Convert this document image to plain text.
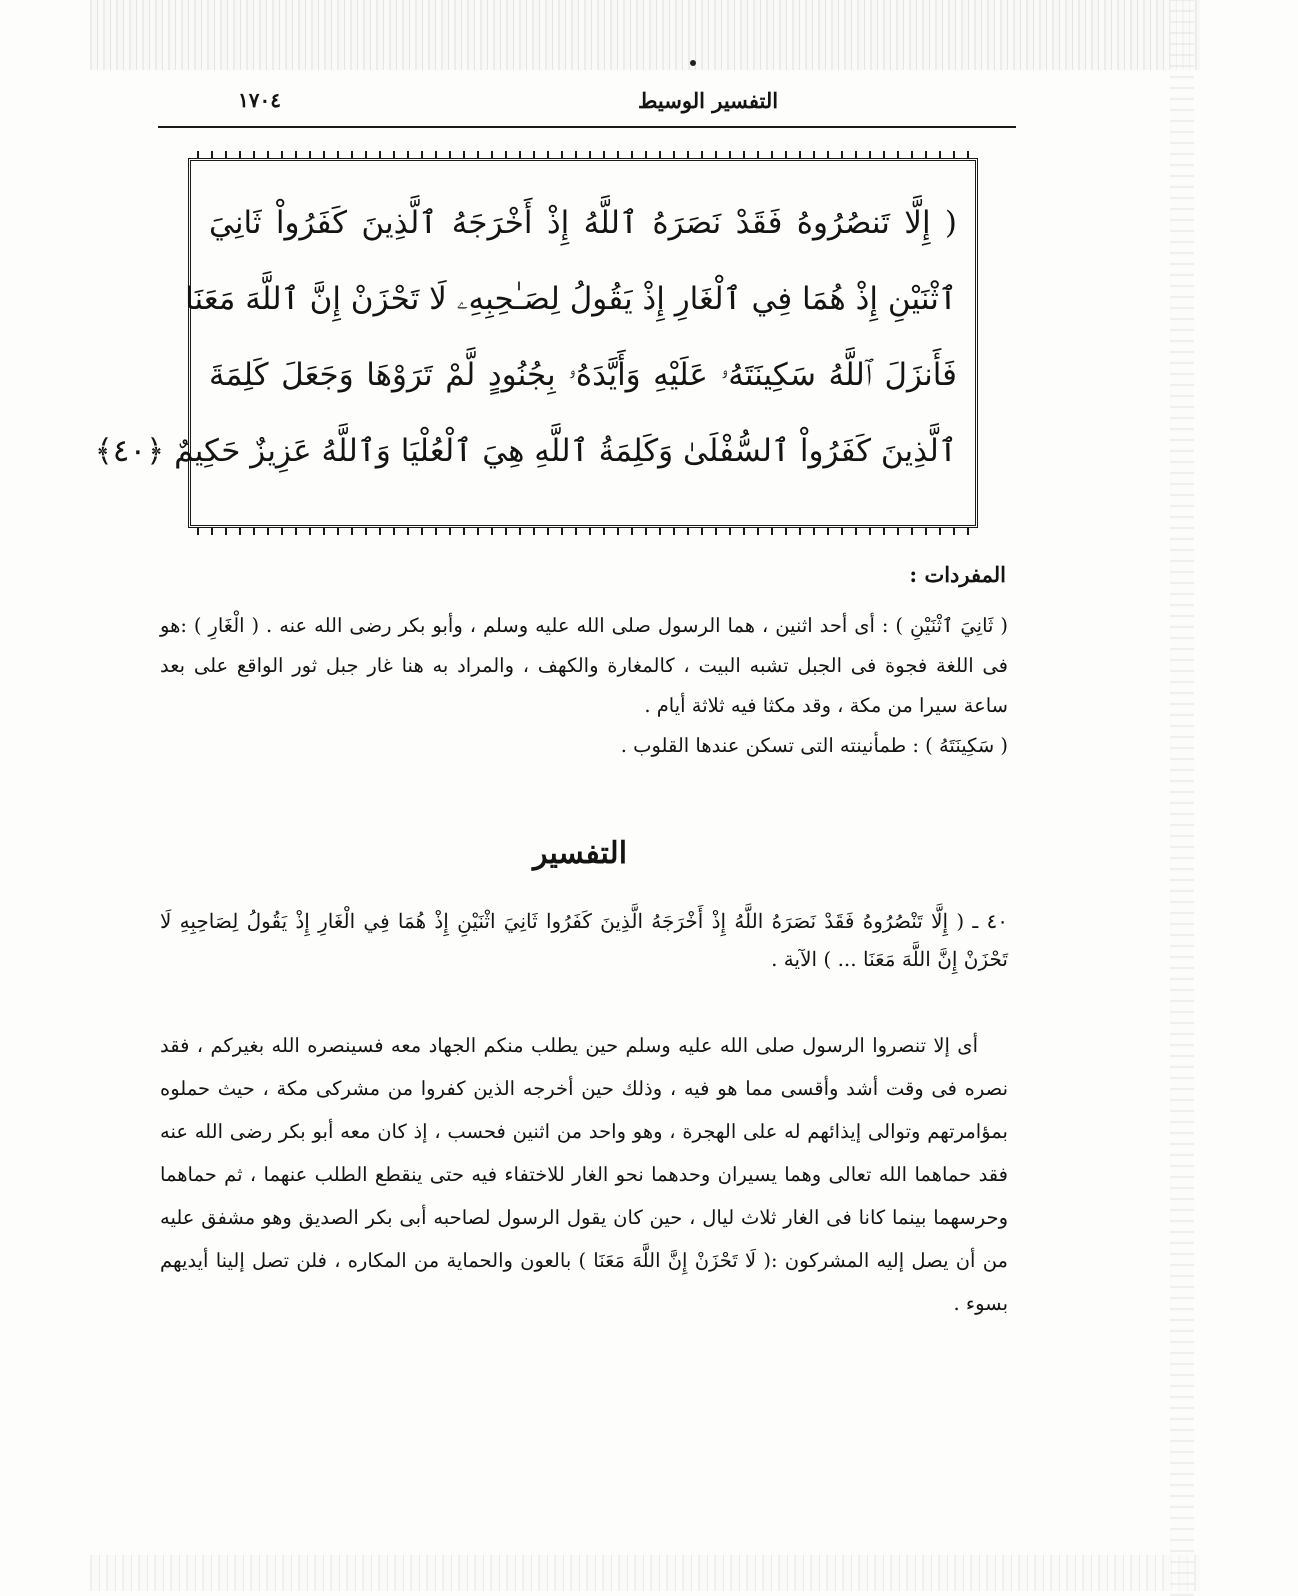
١٧٠٤	التفسير الوسيط
( إِلَّا تَنصُرُوهُ فَقَدْ نَصَرَهُ ٱللَّهُ إِذْ أَخْرَجَهُ ٱلَّذِينَ كَفَرُواْ ثَانِيَ
ٱثْنَيْنِ إِذْ هُمَا فِي ٱلْغَارِ إِذْ يَقُولُ لِصَـٰحِبِهِۦ لَا تَحْزَنْ إِنَّ ٱللَّهَ مَعَنَا
فَأَنزَلَ ٱللَّهُ سَكِينَتَهُۥ عَلَيْهِ وَأَيَّدَهُۥ بِجُنُودٍ لَّمْ تَرَوْهَا وَجَعَلَ كَلِمَةَ
ٱلَّذِينَ كَفَرُواْ ٱلسُّفْلَىٰ وَكَلِمَةُ ٱللَّهِ هِيَ ٱلْعُلْيَا وَٱللَّهُ عَزِيزٌ حَكِيمٌ ﴿٤٠﴾
المفردات :

( ثَانِيَ ٱثْنَيْنِ ) : أى أحد اثنين ، هما الرسول صلى الله عليه وسلم ، وأبو بكر رضى الله عنه . ( الْغَارِ ) :هو فى اللغة فجوة فى الجبل تشبه البيت ، كالمغارة والكهف ، والمراد به هنا غار جبل ثور الواقع على بعد ساعة سيرا من مكة ، وقد مكثا فيه ثلاثة أيام .

( سَكِينَتَهُ ) : طمأنينته التى تسكن عندها القلوب .

التفسير

٤٠ ـ ( إِلَّا تَنْصُرُوهُ فَقَدْ نَصَرَهُ اللَّهُ إِذْ أَخْرَجَهُ الَّذِينَ كَفَرُوا ثَانِيَ اثْنَيْنِ إِذْ هُمَا فِي الْغَارِ إِذْ يَقُولُ لِصَاحِبِهِ لَا تَحْزَنْ إِنَّ اللَّهَ مَعَنَا ... ) الآية .

أى إلا تنصروا الرسول صلى الله عليه وسلم حين يطلب منكم الجهاد معه فسينصره الله بغيركم ، فقد نصره فى وقت أشد وأقسى مما هو فيه ، وذلك حين أخرجه الذين كفروا من مشركى مكة ، حيث حملوه بمؤامرتهم وتوالى إيذائهم له على الهجرة ، وهو واحد من اثنين فحسب ، إذ كان معه أبو بكر رضى الله عنه فقد حماهما الله تعالى وهما يسيران وحدهما نحو الغار للاختفاء فيه حتى ينقطع الطلب عنهما ، ثم حماهما وحرسهما بينما كانا فى الغار ثلاث ليال ، حين كان يقول الرسول لصاحبه أبى بكر الصديق وهو مشفق عليه من أن يصل إليه المشركون :( لَا تَحْزَنْ إِنَّ اللَّهَ مَعَنَا ) بالعون والحماية من المكاره ، فلن تصل إلينا أيديهم بسوء .
